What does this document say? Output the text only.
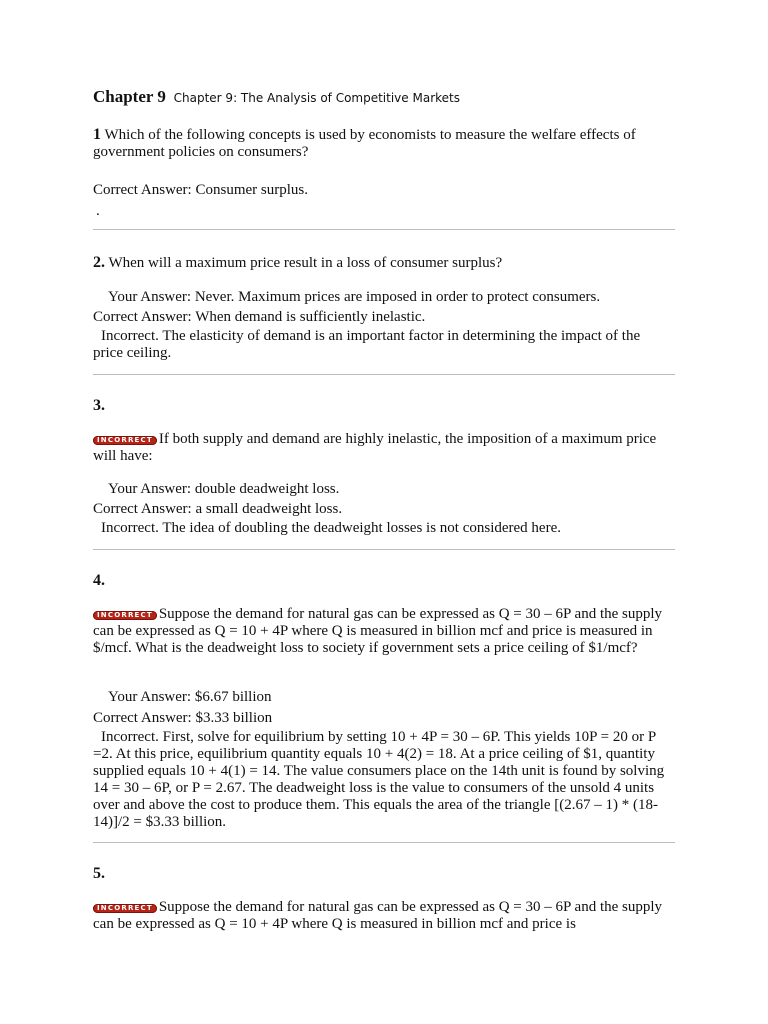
Chapter 9 Chapter 9: The Analysis of Competitive Markets
1 Which of the following concepts is used by economists to measure the welfare effects of government policies on consumers?
Correct Answer: Consumer surplus.
.
2. When will a maximum price result in a loss of consumer surplus?
Your Answer: Never. Maximum prices are imposed in order to protect consumers.
Correct Answer: When demand is sufficiently inelastic.
Incorrect. The elasticity of demand is an important factor in determining the impact of the price ceiling.
3.
INCORRECT If both supply and demand are highly inelastic, the imposition of a maximum price will have:
Your Answer: double deadweight loss.
Correct Answer: a small deadweight loss.
Incorrect. The idea of doubling the deadweight losses is not considered here.
4.
INCORRECT Suppose the demand for natural gas can be expressed as Q = 30 – 6P and the supply can be expressed as Q = 10 + 4P where Q is measured in billion mcf and price is measured in $/mcf. What is the deadweight loss to society if government sets a price ceiling of $1/mcf?
Your Answer: $6.67 billion
Correct Answer: $3.33 billion
Incorrect. First, solve for equilibrium by setting 10 + 4P = 30 – 6P. This yields 10P = 20 or P =2. At this price, equilibrium quantity equals 10 + 4(2) = 18. At a price ceiling of $1, quantity supplied equals 10 + 4(1) = 14. The value consumers place on the 14th unit is found by solving 14 = 30 – 6P, or P = 2.67. The deadweight loss is the value to consumers of the unsold 4 units over and above the cost to produce them. This equals the area of the triangle [(2.67 – 1) * (18-14)]/2 = $3.33 billion.
5.
INCORRECT Suppose the demand for natural gas can be expressed as Q = 30 – 6P and the supply can be expressed as Q = 10 + 4P where Q is measured in billion mcf and price is
